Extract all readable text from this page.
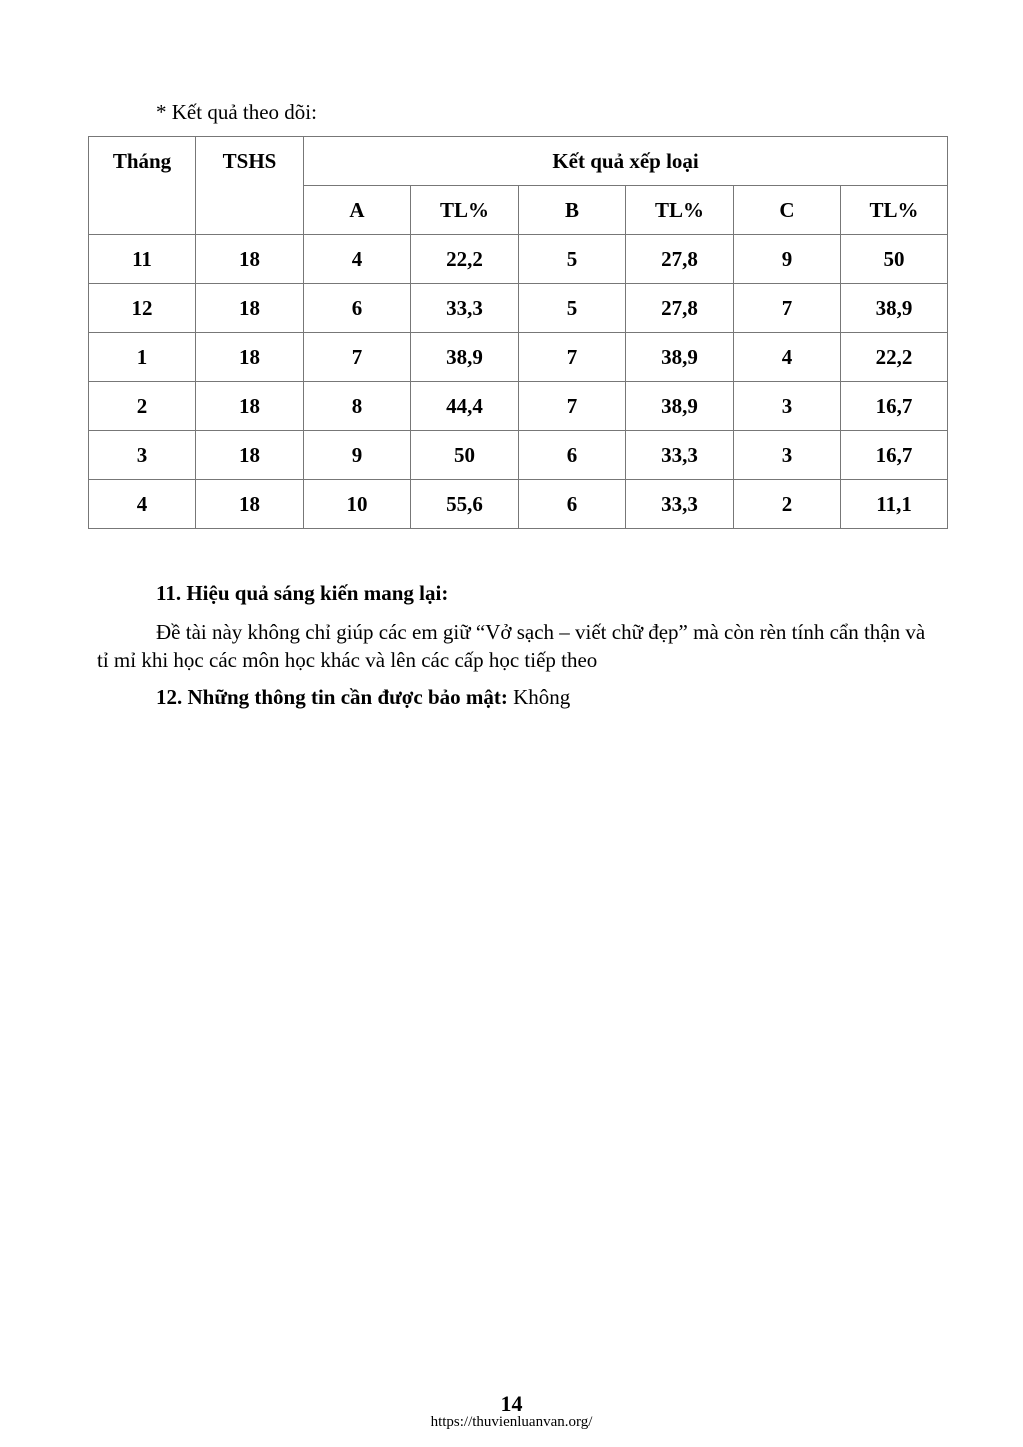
* Kết quả theo dõi:
Tháng	TSHS	Kết quả xếp loại					
		A	TL%	B	TL%	C	TL%
11	18	4	22,2	5	27,8	9	50
12	18	6	33,3	5	27,8	7	38,9
1	18	7	38,9	7	38,9	4	22,2
2	18	8	44,4	7	38,9	3	16,7
3	18	9	50	6	33,3	3	16,7
4	18	10	55,6	6	33,3	2	11,1
11. Hiệu quả sáng kiến mang lại:
Đề tài này không chỉ giúp các em giữ “Vở sạch – viết chữ đẹp” mà còn rèn tính cẩn thận và tỉ mỉ khi học các môn học khác và lên các cấp học tiếp theo
12. Những thông tin cần được bảo mật: Không
14
https://thuvienluanvan.org/
